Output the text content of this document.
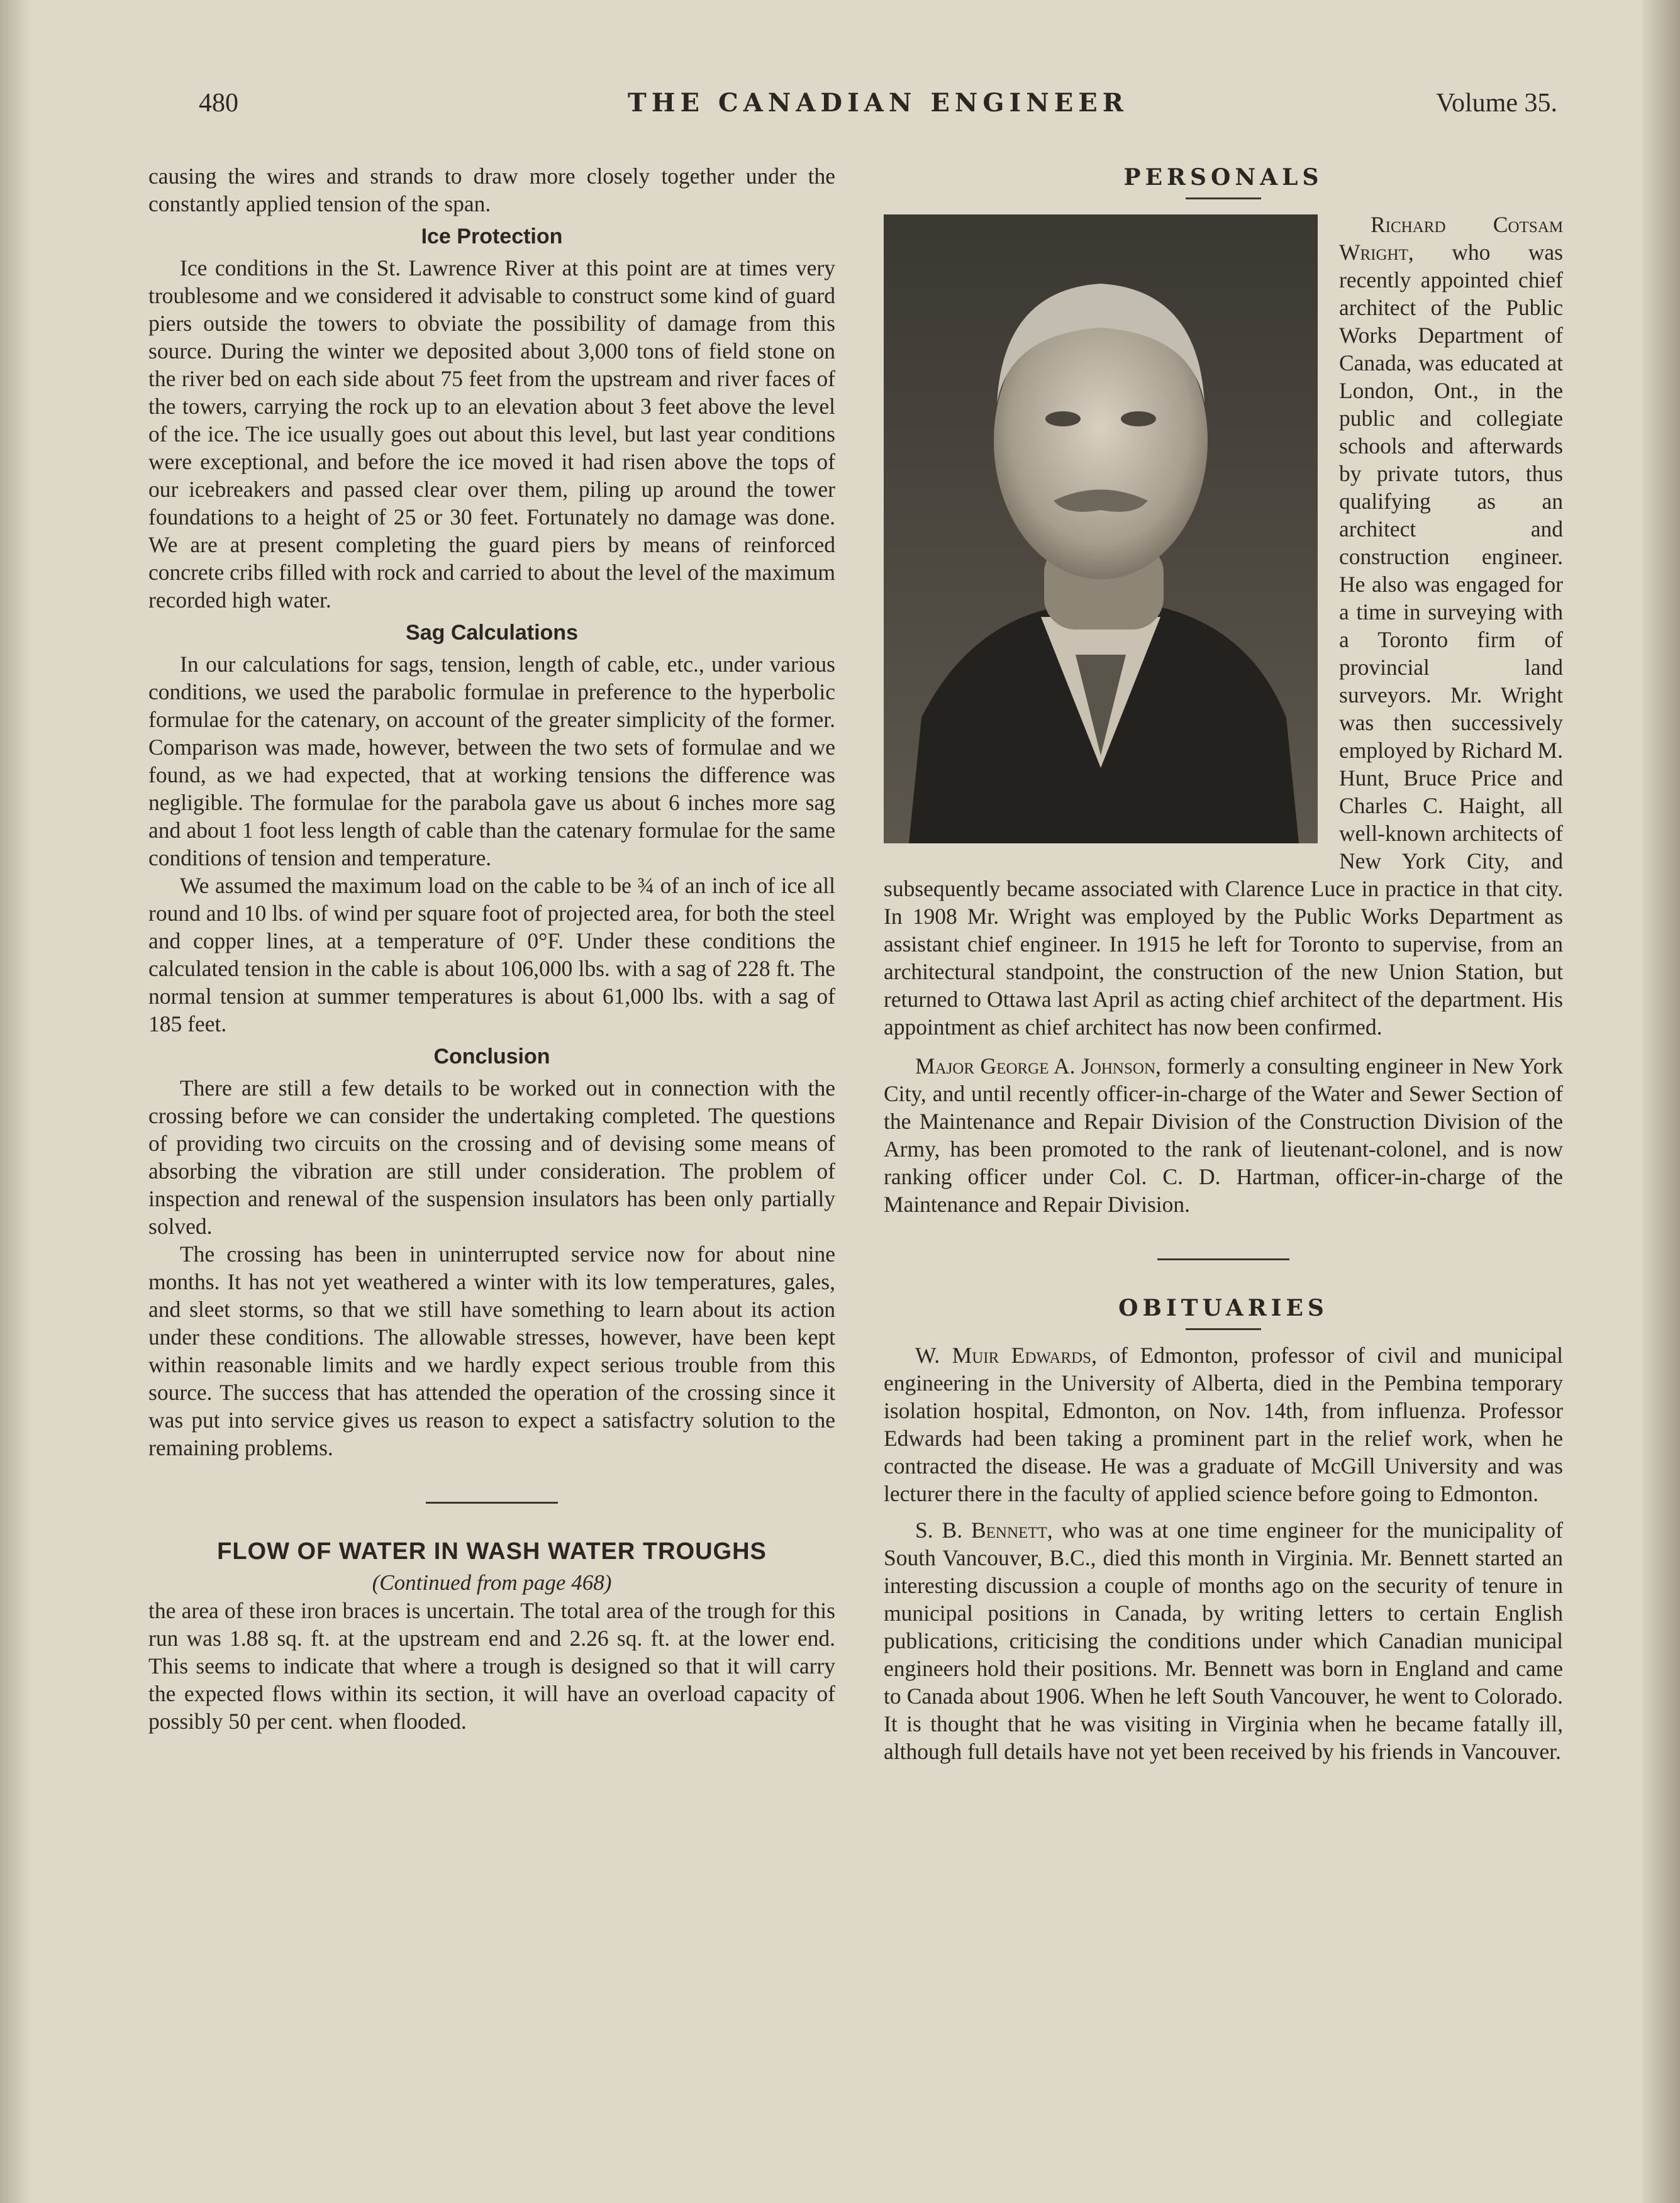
480	THE CANADIAN ENGINEER	Volume 35.

causing the wires and strands to draw more closely together under the constantly applied tension of the span.

Ice Protection

Ice conditions in the St. Lawrence River at this point are at times very troublesome and we considered it advisable to construct some kind of guard piers outside the towers to obviate the possibility of damage from this source. During the winter we deposited about 3,000 tons of field stone on the river bed on each side about 75 feet from the upstream and river faces of the towers, carrying the rock up to an elevation about 3 feet above the level of the ice. The ice usually goes out about this level, but last year conditions were exceptional, and before the ice moved it had risen above the tops of our icebreakers and passed clear over them, piling up around the tower foundations to a height of 25 or 30 feet. Fortunately no damage was done. We are at present completing the guard piers by means of reinforced concrete cribs filled with rock and carried to about the level of the maximum recorded high water.

Sag Calculations

In our calculations for sags, tension, length of cable, etc., under various conditions, we used the parabolic formulae in preference to the hyperbolic formulae for the catenary, on account of the greater simplicity of the former. Comparison was made, however, between the two sets of formulae and we found, as we had expected, that at working tensions the difference was negligible. The formulae for the parabola gave us about 6 inches more sag and about 1 foot less length of cable than the catenary formulae for the same conditions of tension and temperature.

We assumed the maximum load on the cable to be ¾ of an inch of ice all round and 10 lbs. of wind per square foot of projected area, for both the steel and copper lines, at a temperature of 0°F. Under these conditions the calculated tension in the cable is about 106,000 lbs. with a sag of 228 ft. The normal tension at summer temperatures is about 61,000 lbs. with a sag of 185 feet.

Conclusion

There are still a few details to be worked out in connection with the crossing before we can consider the undertaking completed. The questions of providing two circuits on the crossing and of devising some means of absorbing the vibration are still under consideration. The problem of inspection and renewal of the suspension insulators has been only partially solved.

The crossing has been in uninterrupted service now for about nine months. It has not yet weathered a winter with its low temperatures, gales, and sleet storms, so that we still have something to learn about its action under these conditions. The allowable stresses, however, have been kept within reasonable limits and we hardly expect serious trouble from this source. The success that has attended the operation of the crossing since it was put into service gives us reason to expect a satisfactry solution to the remaining problems.

FLOW OF WATER IN WASH WATER TROUGHS
(Continued from page 468)

the area of these iron braces is uncertain. The total area of the trough for this run was 1.88 sq. ft. at the upstream end and 2.26 sq. ft. at the lower end. This seems to indicate that where a trough is designed so that it will carry the expected flows within its section, it will have an overload capacity of possibly 50 per cent. when flooded.

PERSONALS

Richard Cotsam Wright, who was recently appointed chief architect of the Public Works Department of Canada, was educated at London, Ont., in the public and collegiate schools and afterwards by private tutors, thus qualifying as an architect and construction engineer. He also was engaged for a time in surveying with a Toronto firm of provincial land surveyors. Mr. Wright was then successively employed by Richard M. Hunt, Bruce Price and Charles C. Haight, all well-known architects of New York City, and subsequently became associated with Clarence Luce in practice in that city. In 1908 Mr. Wright was employed by the Public Works Department as assistant chief engineer. In 1915 he left for Toronto to supervise, from an architectural standpoint, the construction of the new Union Station, but returned to Ottawa last April as acting chief architect of the department. His appointment as chief architect has now been confirmed.

Major George A. Johnson, formerly a consulting engineer in New York City, and until recently officer-in-charge of the Water and Sewer Section of the Maintenance and Repair Division of the Construction Division of the Army, has been promoted to the rank of lieutenant-colonel, and is now ranking officer under Col. C. D. Hartman, officer-in-charge of the Maintenance and Repair Division.

OBITUARIES

W. Muir Edwards, of Edmonton, professor of civil and municipal engineering in the University of Alberta, died in the Pembina temporary isolation hospital, Edmonton, on Nov. 14th, from influenza. Professor Edwards had been taking a prominent part in the relief work, when he contracted the disease. He was a graduate of McGill University and was lecturer there in the faculty of applied science before going to Edmonton.

S. B. Bennett, who was at one time engineer for the municipality of South Vancouver, B.C., died this month in Virginia. Mr. Bennett started an interesting discussion a couple of months ago on the security of tenure in municipal positions in Canada, by writing letters to certain English publications, criticising the conditions under which Canadian municipal engineers hold their positions. Mr. Bennett was born in England and came to Canada about 1906. When he left South Vancouver, he went to Colorado. It is thought that he was visiting in Virginia when he became fatally ill, although full details have not yet been received by his friends in Vancouver.
